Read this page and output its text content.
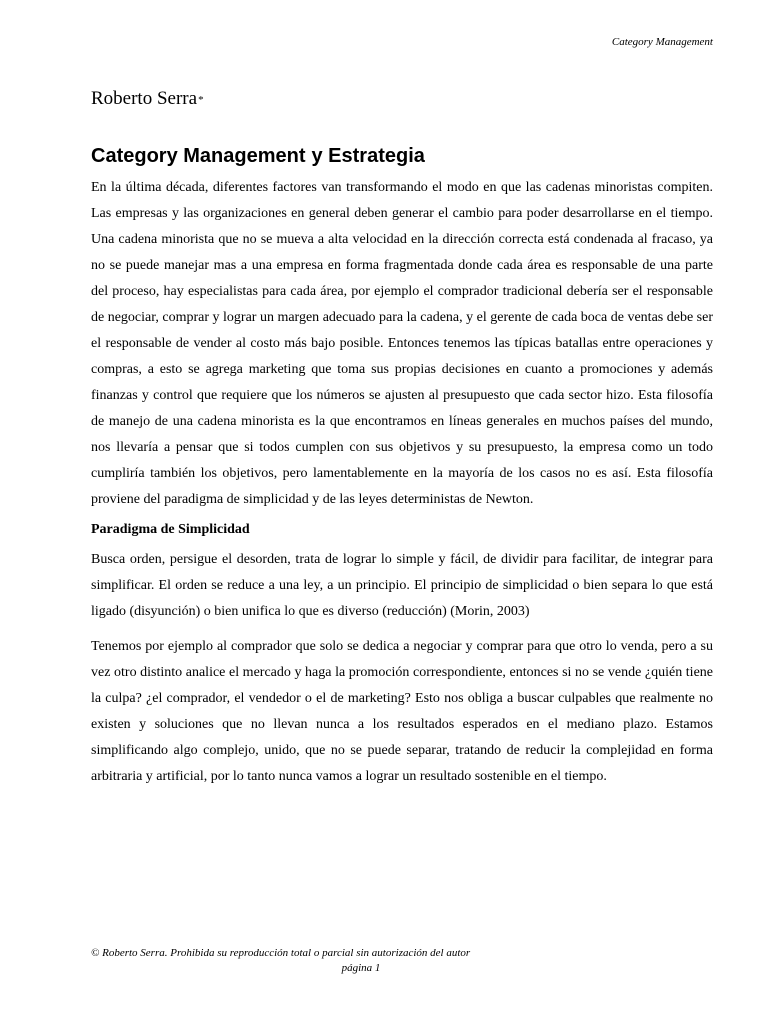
Category Management
Roberto Serra*
Category Management y Estrategia

En la última década, diferentes factores van transformando el modo en que las cadenas minoristas compiten. Las empresas y las organizaciones en general deben generar el cambio para poder desarrollarse en el tiempo. Una cadena minorista que no se mueva a alta velocidad en la dirección correcta está condenada al fracaso, ya no se puede manejar mas a una empresa en forma fragmentada donde cada área es responsable de una parte del proceso, hay especialistas para cada área, por ejemplo el comprador tradicional debería ser el responsable de negociar, comprar y lograr un margen adecuado para la cadena, y el gerente de cada boca de ventas debe ser el responsable de vender al costo más bajo posible. Entonces tenemos las típicas batallas entre operaciones y compras, a esto se agrega marketing que toma sus propias decisiones en cuanto a promociones y además finanzas y control que requiere que los números se ajusten al presupuesto que cada sector hizo. Esta filosofía de manejo de una cadena minorista es la que encontramos en líneas generales en muchos países del mundo, nos llevaría a pensar que si todos cumplen con sus objetivos y su presupuesto, la empresa como un todo cumpliría también los objetivos, pero lamentablemente en la mayoría de los casos no es así. Esta filosofía proviene del paradigma de simplicidad y de las leyes deterministas de Newton.

Paradigma de Simplicidad

Busca orden, persigue el desorden, trata de lograr lo simple y fácil, de dividir para facilitar, de integrar para simplificar. El orden se reduce a una ley, a un principio. El principio de simplicidad o bien separa lo que está ligado (disyunción) o bien unifica lo que es diverso (reducción) (Morin, 2003)

Tenemos por ejemplo al comprador que solo se dedica a negociar y comprar para que otro lo venda, pero a su vez otro distinto analice el mercado y haga la promoción correspondiente, entonces si no se vende ¿quién tiene la culpa? ¿el comprador, el vendedor o el de marketing? Esto nos obliga a buscar culpables que realmente no existen y soluciones que no llevan nunca a los resultados esperados en el mediano plazo. Estamos simplificando algo complejo, unido, que no se puede separar, tratando de reducir la complejidad en forma arbitraria y artificial, por lo tanto nunca vamos a lograr un resultado sostenible en el tiempo.

© Roberto Serra. Prohibida su reproducción total o parcial sin autorización del autor
página 1
